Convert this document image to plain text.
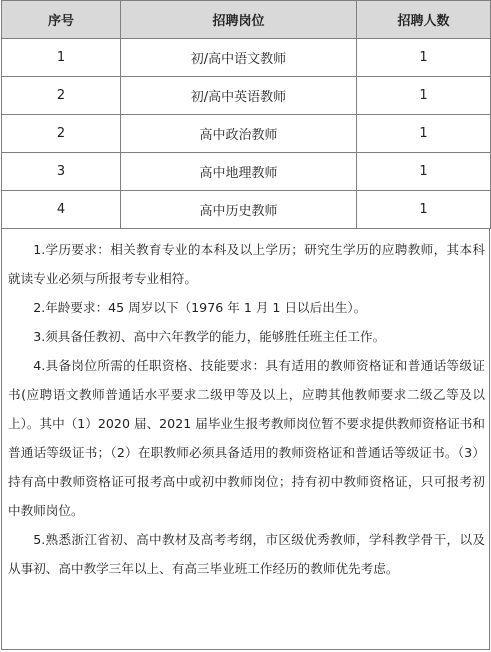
序号	招聘岗位	招聘人数
1	初/高中语文教师	1
2	初/高中英语教师	1
2	高中政治教师	1
3	高中地理教师	1
4	高中历史教师	1

1.学历要求：相关教育专业的本科及以上学历；研究生学历的应聘教师，其本科就读专业必须与所报考专业相符。

2.年龄要求：45 周岁以下（1976 年 1 月 1 日以后出生）。

3.须具备任教初、高中六年教学的能力，能够胜任班主任工作。

4.具备岗位所需的任职资格、技能要求：具有适用的教师资格证和普通话等级证书(应聘语文教师普通话水平要求二级甲等及以上，应聘其他教师要求二级乙等及以上）。其中（1）2020 届、2021 届毕业生报考教师岗位暂不要求提供教师资格证书和普通话等级证书；（2）在职教师必须具备适用的教师资格证和普通话等级证书。（3）持有高中教师资格证可报考高中或初中教师岗位；持有初中教师资格证，只可报考初中教师岗位。

5.熟悉浙江省初、高中教材及高考考纲，市区级优秀教师，学科教学骨干，以及从事初、高中教学三年以上、有高三毕业班工作经历的教师优先考虑。
